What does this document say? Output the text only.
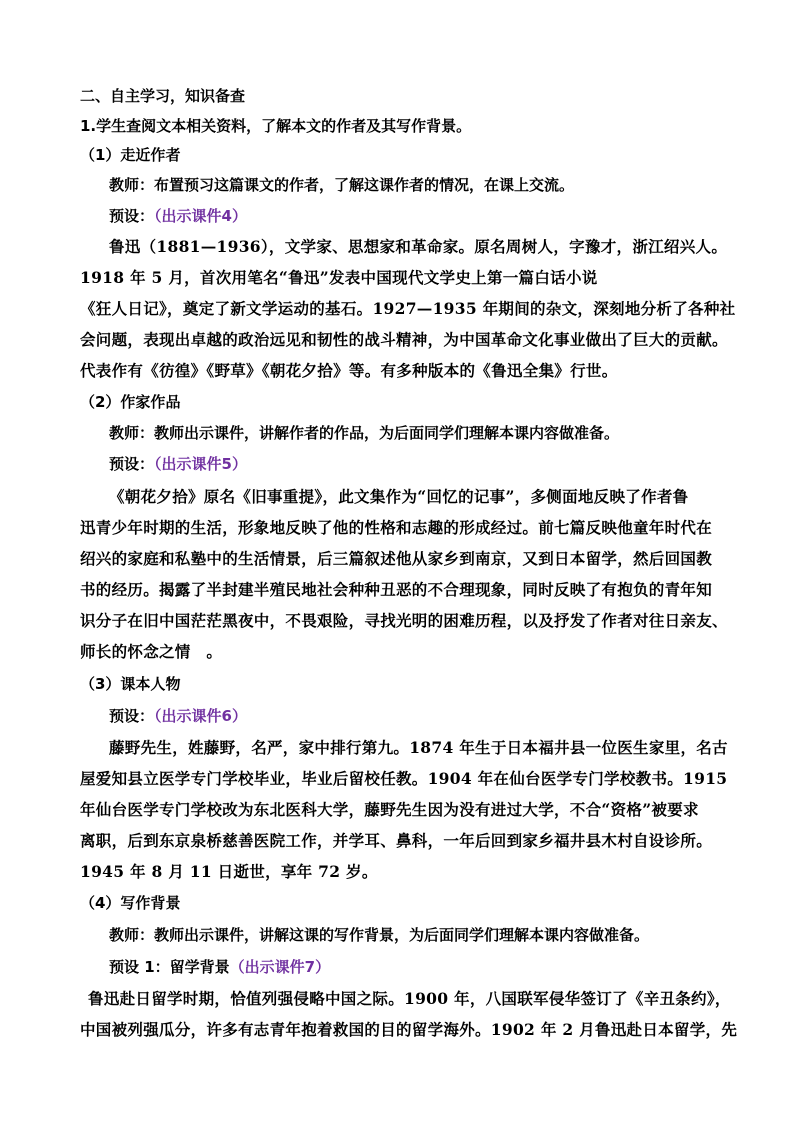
二、自主学习，知识备查
1.学生查阅文本相关资料，了解本文的作者及其写作背景。
（1）走近作者
教师：布置预习这篇课文的作者，了解这课作者的情况，在课上交流。
预设：（出示课件4）
鲁迅（1881—1936），文学家、思想家和革命家。原名周树人，字豫才，浙江绍兴人。
1918 年 5 月，首次用笔名“鲁迅”发表中国现代文学史上第一篇白话小说
《狂人日记》，奠定了新文学运动的基石。1927—1935 年期间的杂文，深刻地分析了各种社
会问题，表现出卓越的政治远见和韧性的战斗精神，为中国革命文化事业做出了巨大的贡献。
代表作有《彷徨》《野草》《朝花夕拾》等。有多种版本的《鲁迅全集》行世。
（2）作家作品
教师：教师出示课件，讲解作者的作品，为后面同学们理解本课内容做准备。
预设：（出示课件5）
《朝花夕拾》原名《旧事重提》，此文集作为“回忆的记事”，多侧面地反映了作者鲁
迅青少年时期的生活，形象地反映了他的性格和志趣的形成经过。前七篇反映他童年时代在
绍兴的家庭和私塾中的生活情景，后三篇叙述他从家乡到南京，又到日本留学，然后回国教
书的经历。揭露了半封建半殖民地社会种种丑恶的不合理现象，同时反映了有抱负的青年知
识分子在旧中国茫茫黑夜中，不畏艰险，寻找光明的困难历程，以及抒发了作者对往日亲友、
师长的怀念之情　。
（3）课本人物
预设：（出示课件6）
藤野先生，姓藤野，名严，家中排行第九。1874 年生于日本福井县一位医生家里，名古
屋爱知县立医学专门学校毕业，毕业后留校任教。1904 年在仙台医学专门学校教书。1915
年仙台医学专门学校改为东北医科大学，藤野先生因为没有进过大学，不合“资格”被要求
离职，后到东京泉桥慈善医院工作，并学耳、鼻科，一年后回到家乡福井县木村自设诊所。
1945 年 8 月 11 日逝世，享年 72 岁。
（4）写作背景
教师：教师出示课件，讲解这课的写作背景，为后面同学们理解本课内容做准备。
预设 1：留学背景（出示课件7）
鲁迅赴日留学时期，恰值列强侵略中国之际。1900 年，八国联军侵华签订了《辛丑条约》，
中国被列强瓜分，许多有志青年抱着救国的目的留学海外。1902 年 2 月鲁迅赴日本留学，先
